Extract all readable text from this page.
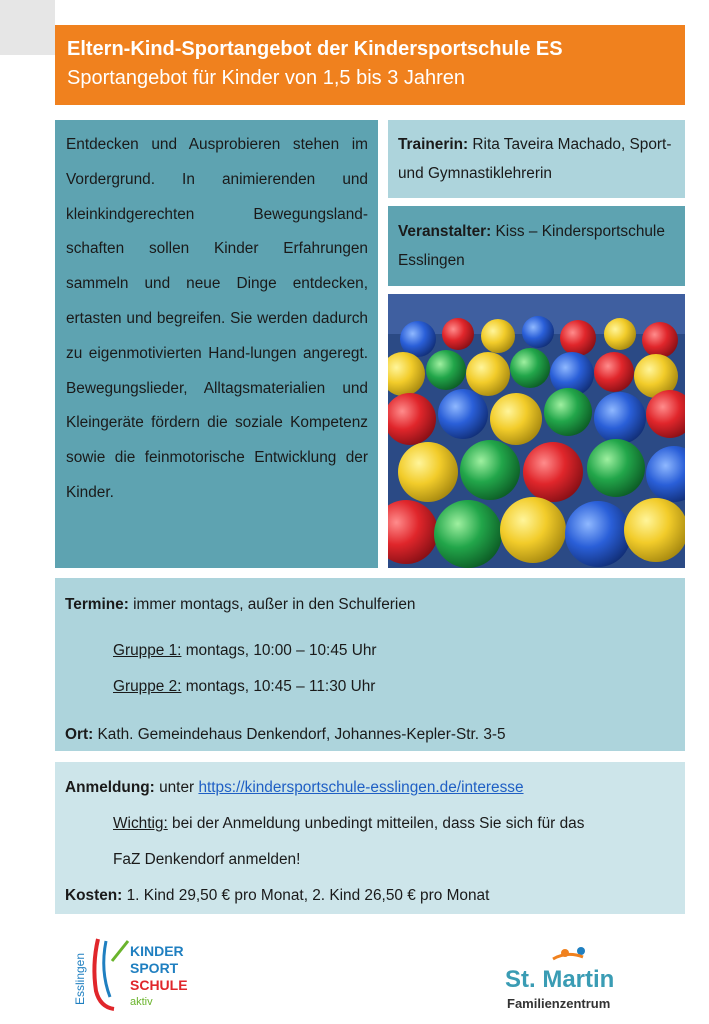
Eltern-Kind-Sportangebot der Kindersportschule ES
Sportangebot für Kinder von 1,5 bis 3 Jahren
Entdecken und Ausprobieren stehen im Vordergrund. In animierenden und kleinkindgerechten Bewegungsland-schaften sollen Kinder Erfahrungen sammeln und neue Dinge entdecken, ertasten und begreifen. Sie werden dadurch zu eigenmotivierten Hand-lungen angeregt. Bewegungslieder, Alltagsmaterialien und Kleingeräte fördern die soziale Kompetenz sowie die feinmotorische Entwicklung der Kinder.
Trainerin: Rita Taveira Machado, Sport- und Gymnastiklehrerin
Veranstalter: Kiss – Kindersportschule Esslingen
Termine: immer montags, außer in den Schulferien
Gruppe 1: montags, 10:00 – 10:45 Uhr
Gruppe 2: montags, 10:45 – 11:30 Uhr
Ort: Kath. Gemeindehaus Denkendorf, Johannes-Kepler-Str. 3-5
Anmeldung: unter https://kindersportschule-esslingen.de/interesse
Wichtig: bei der Anmeldung unbedingt mitteilen, dass Sie sich für das
FaZ Denkendorf anmelden!
Kosten: 1. Kind 29,50 € pro Monat, 2. Kind 26,50 € pro Monat
Esslingen
KINDER
SPORT
SCHULE
aktiv
St. Martin
Familienzentrum
